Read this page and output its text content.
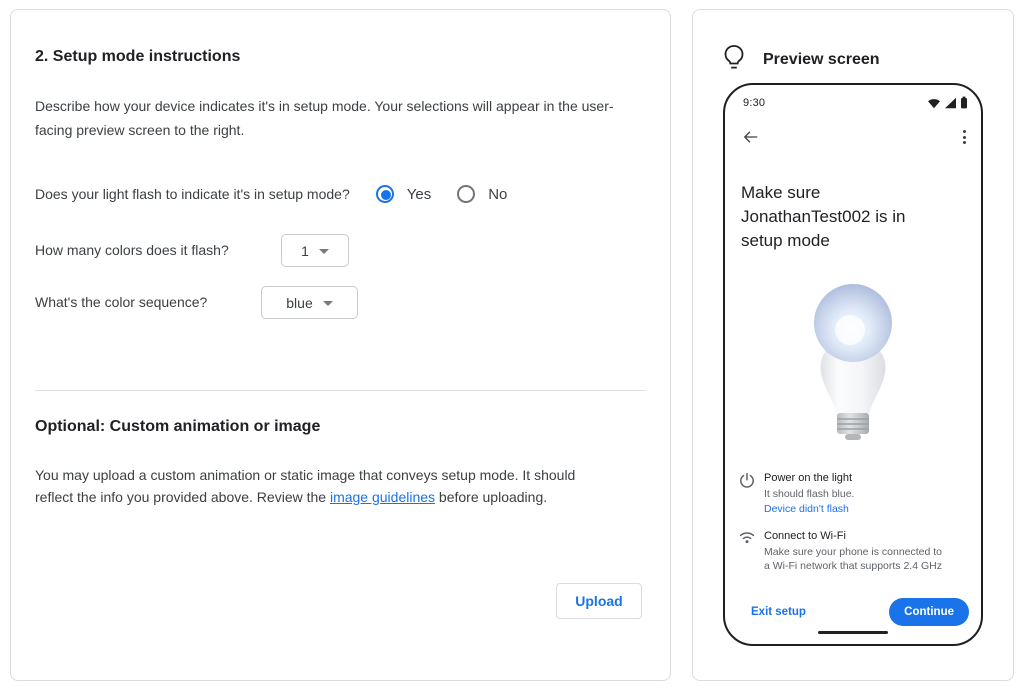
2. Setup mode instructions

Describe how your device indicates it's in setup mode. Your selections will appear in the user-facing preview screen to the right.

Does your light flash to indicate it's in setup mode?	Yes	No
How many colors does it flash?	1
What's the color sequence?	blue
Optional: Custom animation or image

You may upload a custom animation or static image that conveys setup mode. It should reflect the info you provided above. Review the image guidelines before uploading.

Upload
Preview screen
9:30
Make sure JonathanTest002 is in setup mode
Power on the light
It should flash blue.
Device didn't flash
Connect to Wi-Fi
Make sure your phone is connected to a Wi-Fi network that supports 2.4 GHz
Exit setup	Continue
